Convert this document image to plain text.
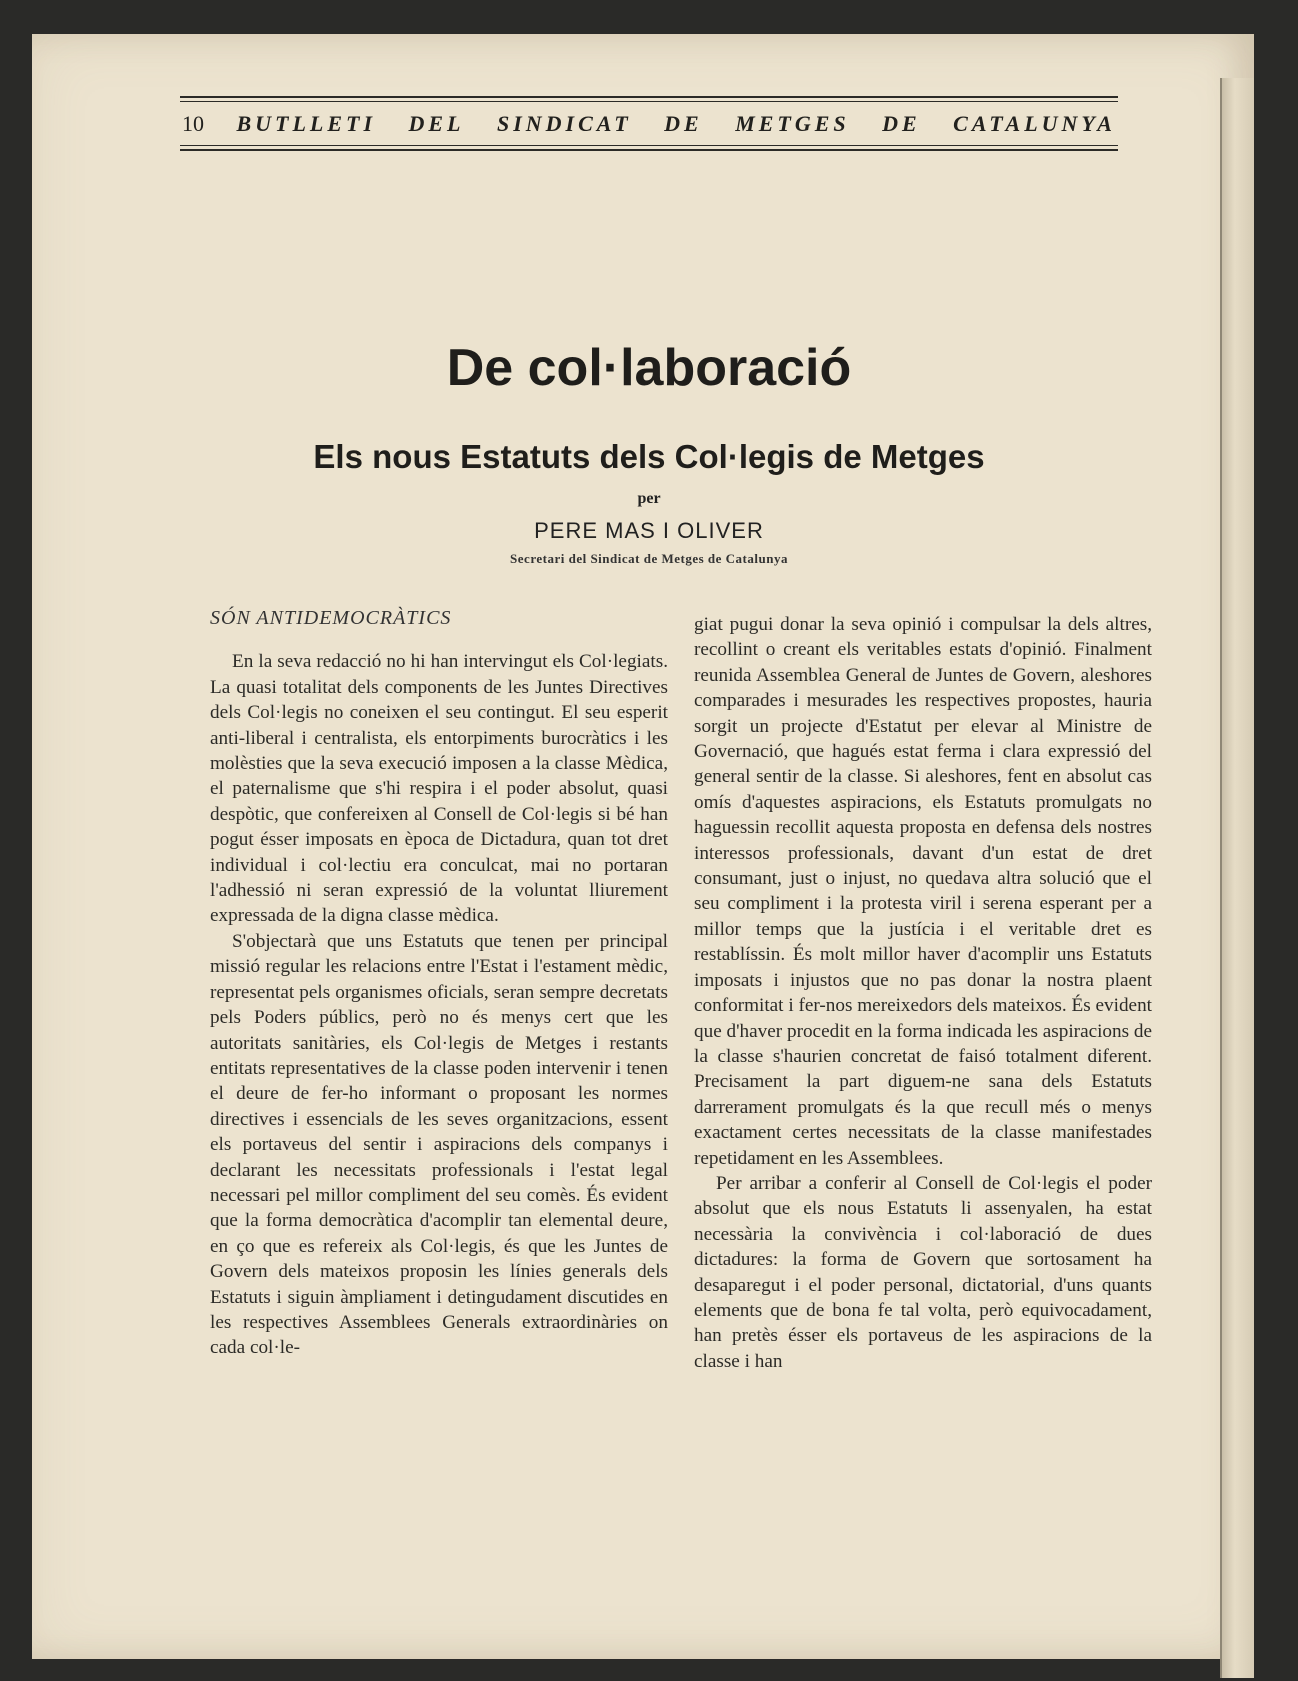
10 BUTLLETI DEL SINDICAT DE METGES DE CATALUNYA
De col·laboració
Els nous Estatuts dels Col·legis de Metges
per
PERE MAS I OLIVER
Secretari del Sindicat de Metges de Catalunya
SÓN ANTIDEMOCRÀTICS

En la seva redacció no hi han intervingut els Col·legiats. La quasi totalitat dels components de les Juntes Directives dels Col·legis no coneixen el seu contingut. El seu esperit anti-liberal i centralista, els entorpiments burocràtics i les molèsties que la seva execució imposen a la classe Mèdica, el paternalisme que s'hi respira i el poder absolut, quasi despòtic, que confereixen al Consell de Col·legis si bé han pogut ésser imposats en època de Dictadura, quan tot dret individual i col·lectiu era conculcat, mai no portaran l'adhessió ni seran expressió de la voluntat lliurement expressada de la digna classe mèdica.

S'objectarà que uns Estatuts que tenen per principal missió regular les relacions entre l'Estat i l'estament mèdic, representat pels organismes oficials, seran sempre decretats pels Poders públics, però no és menys cert que les autoritats sanitàries, els Col·legis de Metges i restants entitats representatives de la classe poden intervenir i tenen el deure de fer-ho informant o proposant les normes directives i essencials de les seves organitzacions, essent els portaveus del sentir i aspiracions dels companys i declarant les necessitats professionals i l'estat legal necessari pel millor compliment del seu comès. És evident que la forma democràtica d'acomplir tan elemental deure, en ço que es refereix als Col·legis, és que les Juntes de Govern dels mateixos proposin les línies generals dels Estatuts i siguin àmpliament i detingudament discutides en les respectives Assemblees Generals extraordinàries on cada col·le-

giat pugui donar la seva opinió i compulsar la dels altres, recollint o creant els veritables estats d'opinió. Finalment reunida Assemblea General de Juntes de Govern, aleshores comparades i mesurades les respectives propostes, hauria sorgit un projecte d'Estatut per elevar al Ministre de Governació, que hagués estat ferma i clara expressió del general sentir de la classe. Si aleshores, fent en absolut cas omís d'aquestes aspiracions, els Estatuts promulgats no haguessin recollit aquesta proposta en defensa dels nostres interessos professionals, davant d'un estat de dret consumant, just o injust, no quedava altra solució que el seu compliment i la protesta viril i serena esperant per a millor temps que la justícia i el veritable dret es restablíssin. És molt millor haver d'acomplir uns Estatuts imposats i injustos que no pas donar la nostra plaent conformitat i fer-nos mereixedors dels mateixos. És evident que d'haver procedit en la forma indicada les aspiracions de la classe s'haurien concretat de faisó totalment diferent. Precisament la part diguem-ne sana dels Estatuts darrerament promulgats és la que recull més o menys exactament certes necessitats de la classe manifestades repetidament en les Assemblees.

Per arribar a conferir al Consell de Col·legis el poder absolut que els nous Estatuts li assenyalen, ha estat necessària la convivència i col·laboració de dues dictadures: la forma de Govern que sortosament ha desaparegut i el poder personal, dictatorial, d'uns quants elements que de bona fe tal volta, però equivocadament, han pretès ésser els portaveus de les aspiracions de la classe i han
